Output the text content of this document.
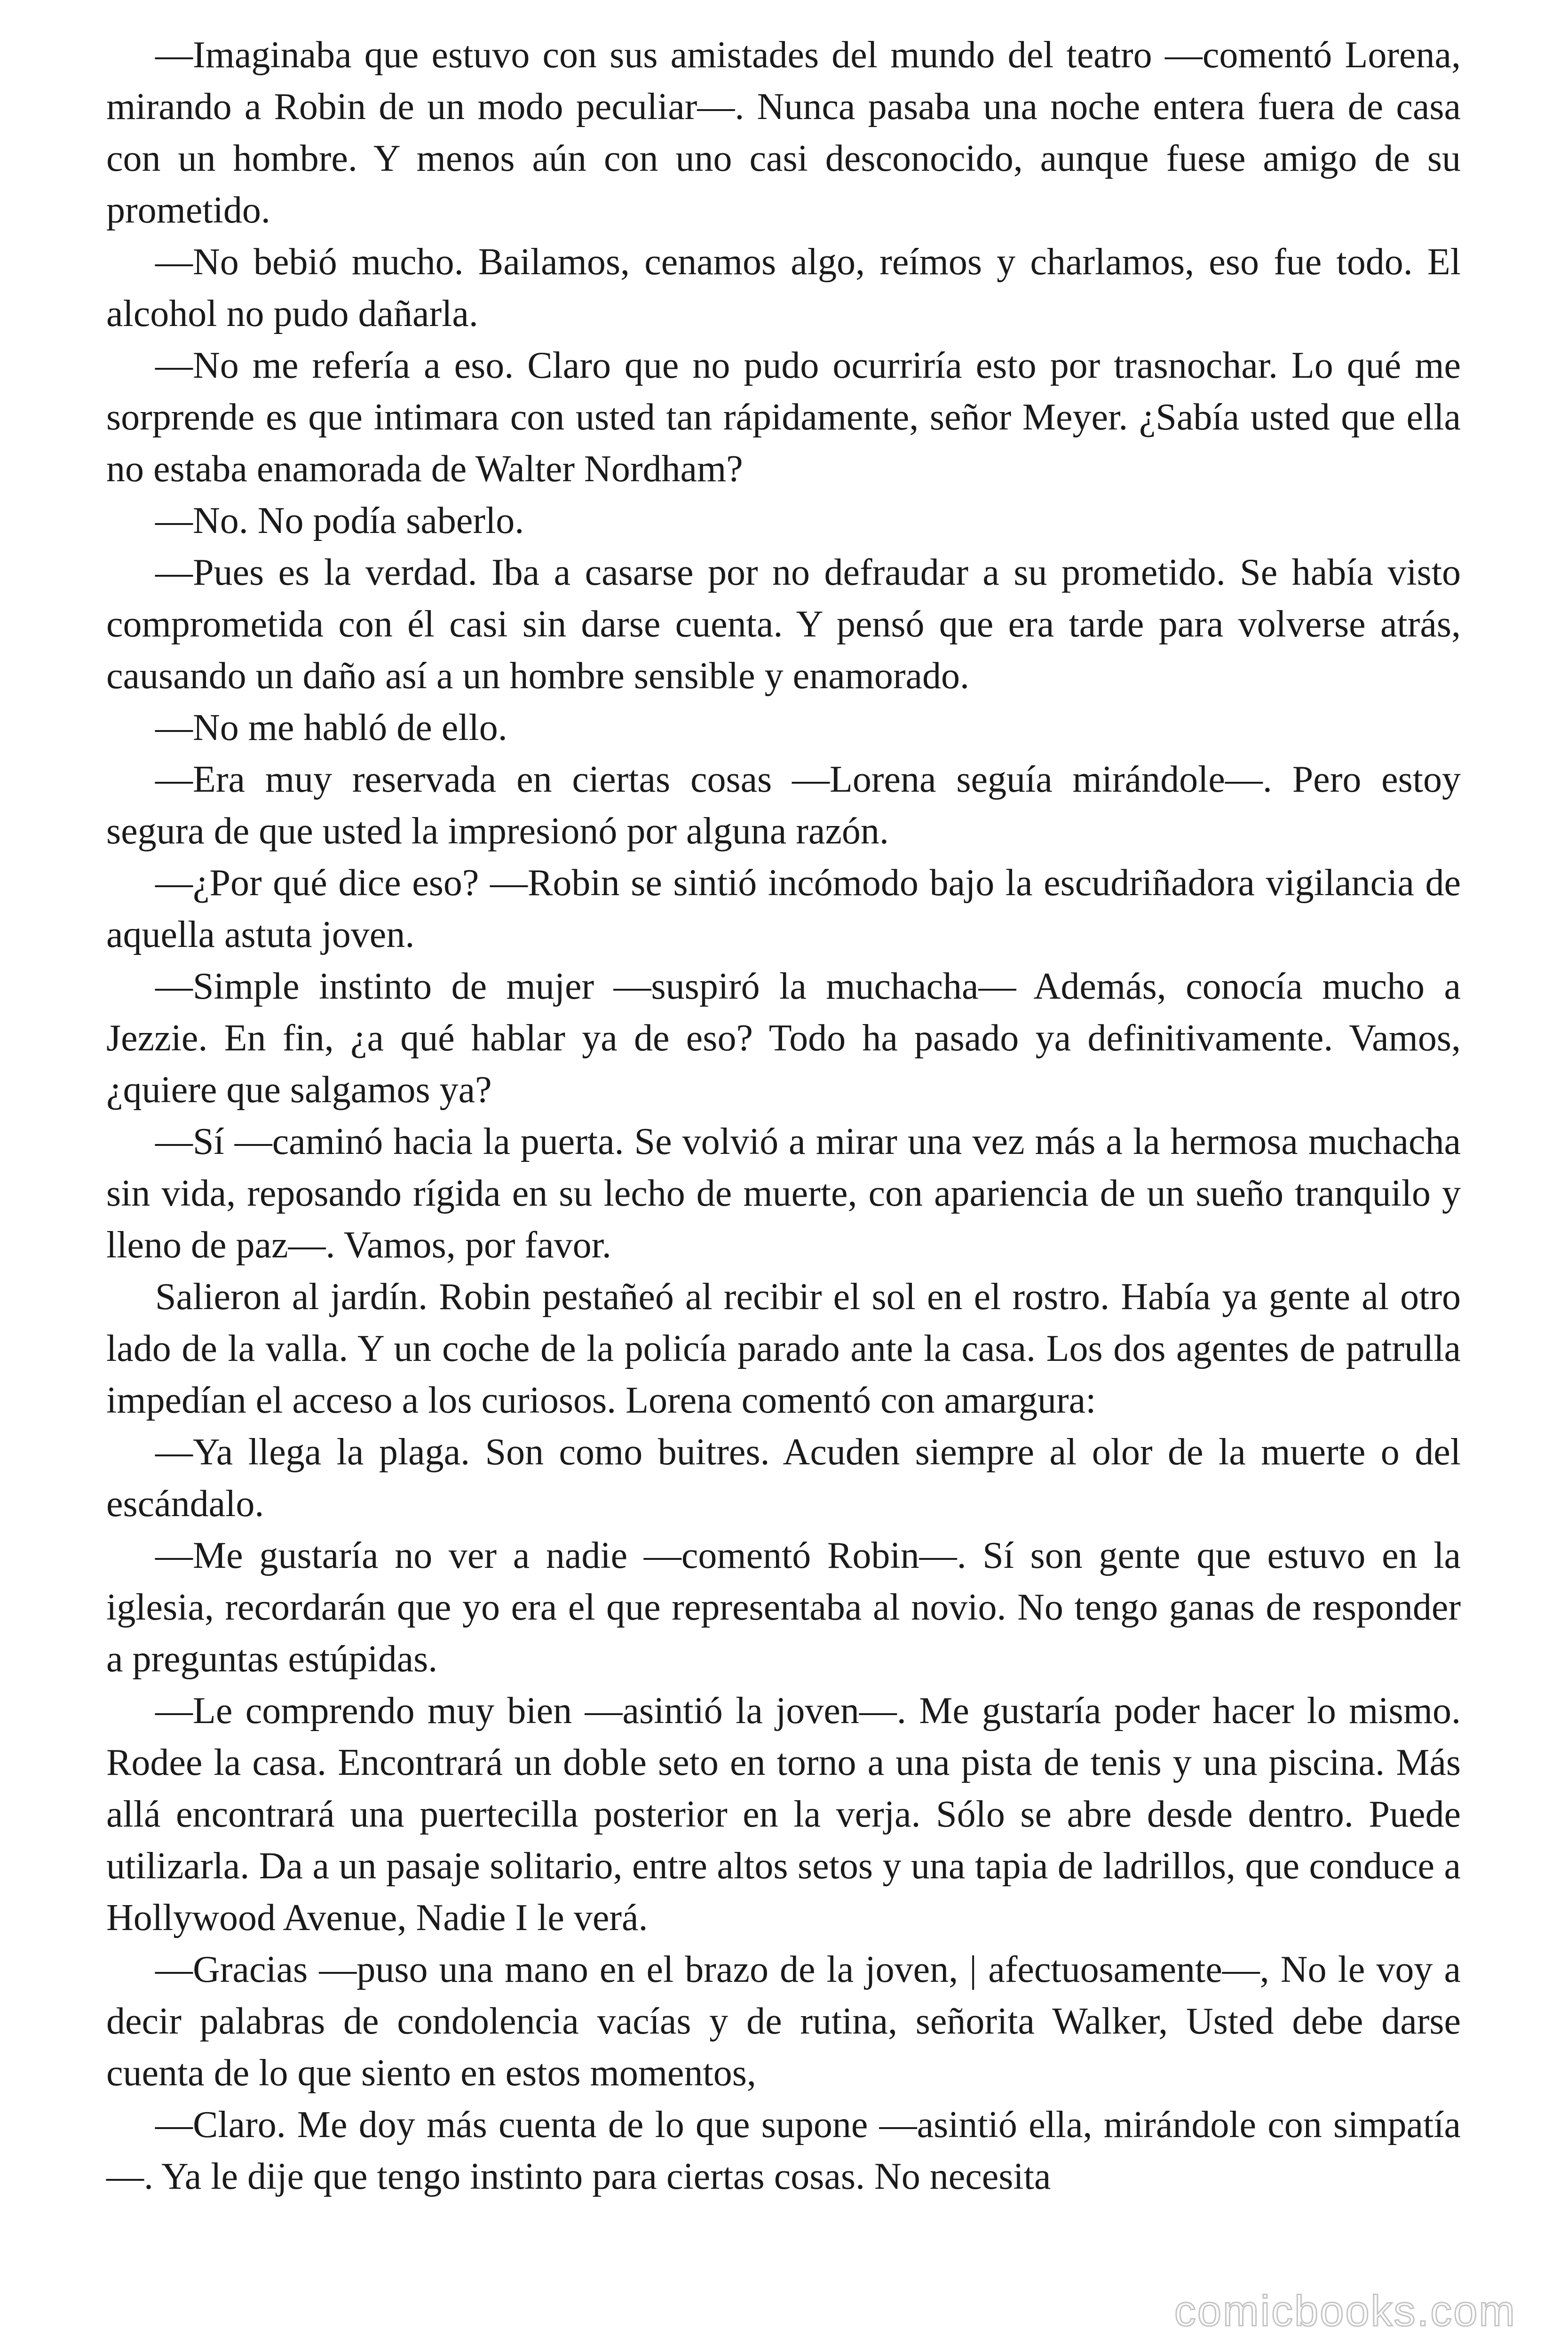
—Imaginaba que estuvo con sus amistades del mundo del teatro —comentó Lorena, mirando a Robin de un modo peculiar—. Nunca pasaba una noche entera fuera de casa con un hombre. Y menos aún con uno casi desconocido, aunque fuese amigo de su prometido.

—No bebió mucho. Bailamos, cenamos algo, reímos y charlamos, eso fue todo. El alcohol no pudo dañarla.

—No me refería a eso. Claro que no pudo ocurriría esto por trasnochar. Lo qué me sorprende es que intimara con usted tan rápidamente, señor Meyer. ¿Sabía usted que ella no estaba enamorada de Walter Nordham?

—No. No podía saberlo.

—Pues es la verdad. Iba a casarse por no defraudar a su prometido. Se había visto comprometida con él casi sin darse cuenta. Y pensó que era tarde para volverse atrás, causando un daño así a un hombre sensible y enamorado.

—No me habló de ello.

—Era muy reservada en ciertas cosas —Lorena seguía mirándole—. Pero estoy segura de que usted la impresionó por alguna razón.

—¿Por qué dice eso? —Robin se sintió incómodo bajo la escudriñadora vigilancia de aquella astuta joven.

—Simple instinto de mujer —suspiró la muchacha— Además, conocía mucho a Jezzie. En fin, ¿a qué hablar ya de eso? Todo ha pasado ya definitivamente. Vamos, ¿quiere que salgamos ya?

—Sí —caminó hacia la puerta. Se volvió a mirar una vez más a la hermosa muchacha sin vida, reposando rígida en su lecho de muerte, con apariencia de un sueño tranquilo y lleno de paz—. Vamos, por favor.

Salieron al jardín. Robin pestañeó al recibir el sol en el rostro. Había ya gente al otro lado de la valla. Y un coche de la policía parado ante la casa. Los dos agentes de patrulla impedían el acceso a los curiosos. Lorena comentó con amargura:

—Ya llega la plaga. Son como buitres. Acuden siempre al olor de la muerte o del escándalo.

—Me gustaría no ver a nadie —comentó Robin—. Sí son gente que estuvo en la iglesia, recordarán que yo era el que representaba al novio. No tengo ganas de responder a preguntas estúpidas.

—Le comprendo muy bien —asintió la joven—. Me gustaría poder hacer lo mismo. Rodee la casa. Encontrará un doble seto en torno a una pista de tenis y una piscina. Más allá encontrará una puertecilla posterior en la verja. Sólo se abre desde dentro. Puede utilizarla. Da a un pasaje solitario, entre altos setos y una tapia de ladrillos, que conduce a Hollywood Avenue, Nadie I le verá.

—Gracias —puso una mano en el brazo de la joven, | afectuosamente—, No le voy a decir palabras de condolencia vacías y de rutina, señorita Walker, Usted debe darse cuenta de lo que siento en estos momentos,

—Claro. Me doy más cuenta de lo que supone —asintió ella, mirándole con simpatía—. Ya le dije que tengo instinto para ciertas cosas. No necesita

comicbooks.com
